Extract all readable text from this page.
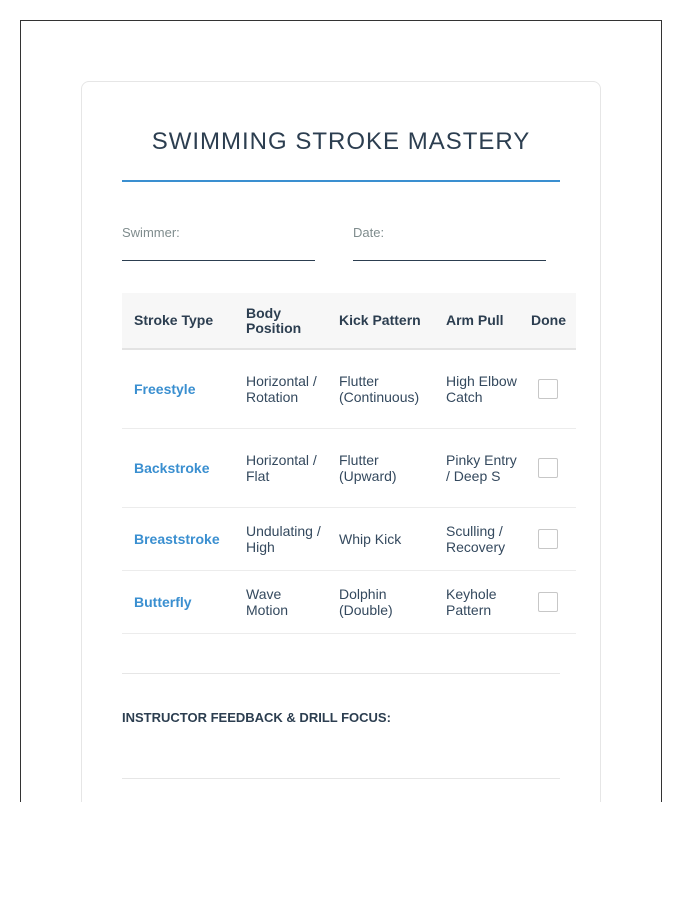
SWIMMING STROKE MASTERY
Swimmer:	Date:
Stroke Type	Body Position	Kick Pattern	Arm Pull	Done
Freestyle	Horizontal / Rotation	Flutter (Continuous)	High Elbow Catch	
Backstroke	Horizontal / Flat	Flutter (Upward)	Pinky Entry / Deep S	
Breaststroke	Undulating / High	Whip Kick	Sculling / Recovery	
Butterfly	Wave Motion	Dolphin (Double)	Keyhole Pattern	
INSTRUCTOR FEEDBACK & DRILL FOCUS:
